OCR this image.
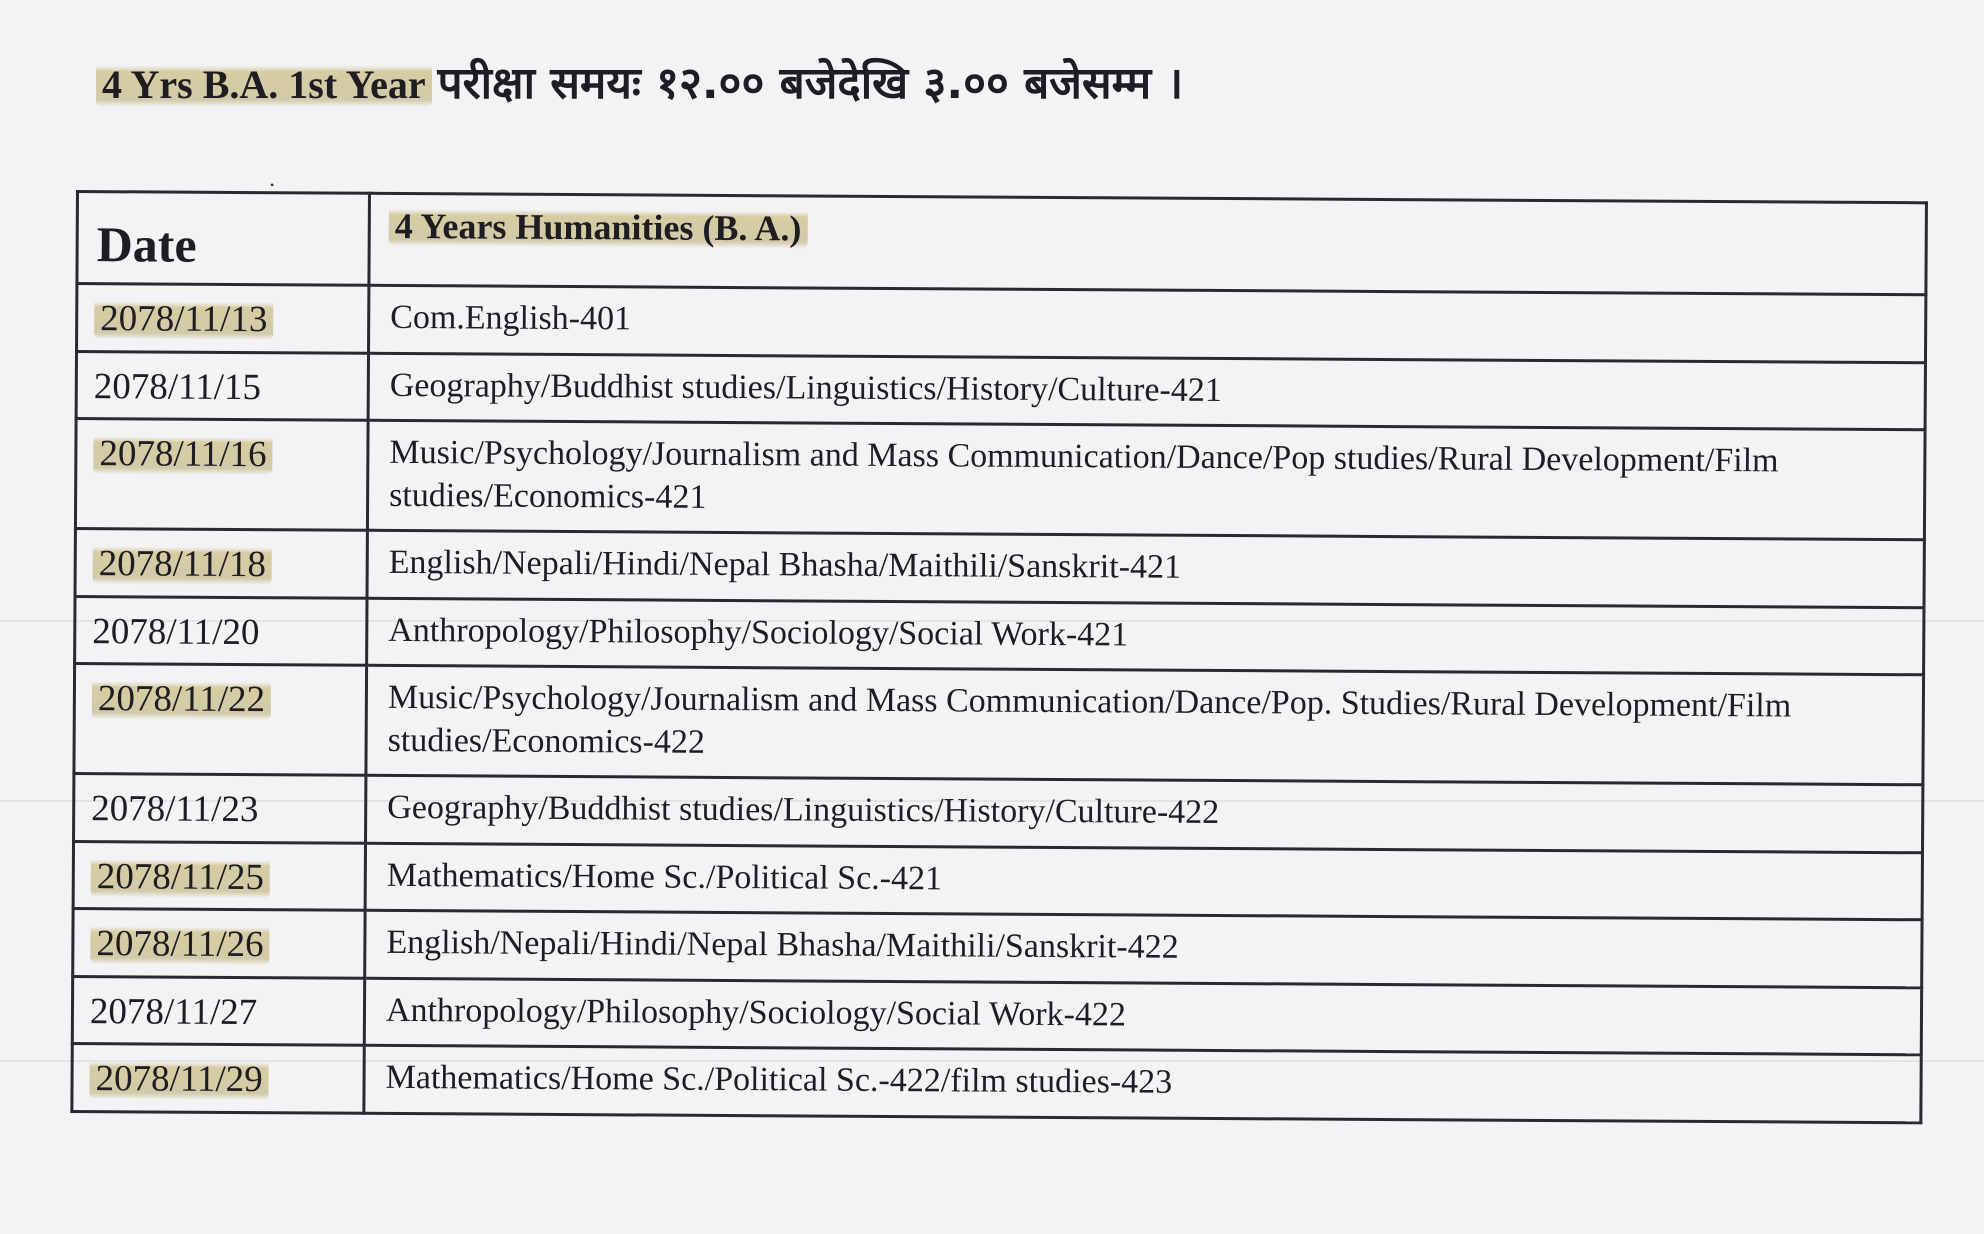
4 Yrs B.A. 1st Year परीक्षा समयः १२.०० बजेदेखि ३.०० बजेसम्म ।
•
Date	4 Years Humanities (B. A.)
2078/11/13	Com.English-401
2078/11/15	Geography/Buddhist studies/Linguistics/History/Culture-421
2078/11/16	Music/Psychology/Journalism and Mass Communication/Dance/Pop studies/Rural Development/Film studies/Economics-421
2078/11/18	English/Nepali/Hindi/Nepal Bhasha/Maithili/Sanskrit-421
2078/11/20	Anthropology/Philosophy/Sociology/Social Work-421
2078/11/22	Music/Psychology/Journalism and Mass Communication/Dance/Pop. Studies/Rural Development/Film studies/Economics-422
2078/11/23	Geography/Buddhist studies/Linguistics/History/Culture-422
2078/11/25	Mathematics/Home Sc./Political Sc.-421
2078/11/26	English/Nepali/Hindi/Nepal Bhasha/Maithili/Sanskrit-422
2078/11/27	Anthropology/Philosophy/Sociology/Social Work-422
2078/11/29	Mathematics/Home Sc./Political Sc.-422/film studies-423
